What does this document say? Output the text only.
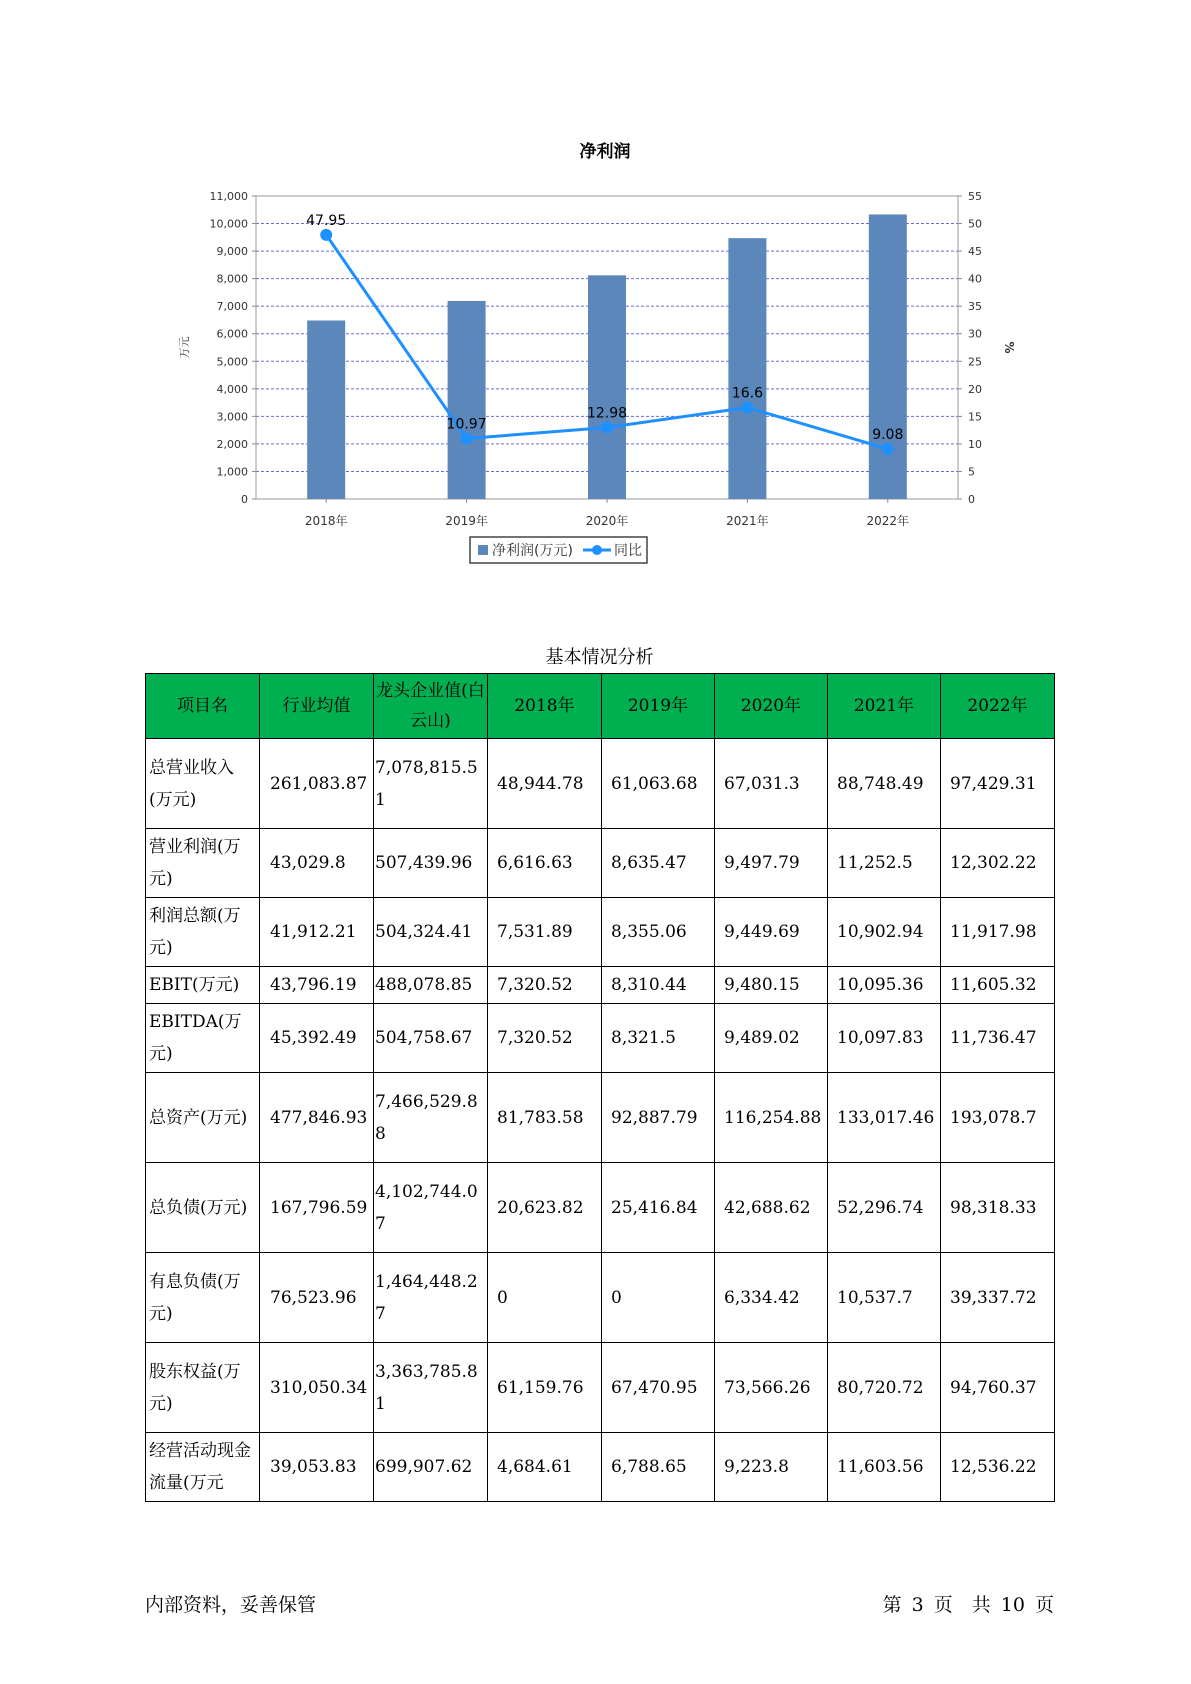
净利润
0
1,000
2,000
3,000
4,000
5,000
6,000
7,000
8,000
9,000
10,000
11,000
0
5
10
15
20
25
30
35
40
45
50
55
万元	%
2018年	2019年	2020年	2021年	2022年
47.95
10.97
12.98
16.6
9.08
净利润(万元)	同比
基本情况分析
项目名	行业均值	龙头企业值(白云山)	2018年	2019年	2020年	2021年	2022年
总营业收入(万元)	261,083.87	7,078,815.51	48,944.78	61,063.68	67,031.3	88,748.49	97,429.31
营业利润(万元)	43,029.8	507,439.96	6,616.63	8,635.47	9,497.79	11,252.5	12,302.22
利润总额(万元)	41,912.21	504,324.41	7,531.89	8,355.06	9,449.69	10,902.94	11,917.98
EBIT(万元)	43,796.19	488,078.85	7,320.52	8,310.44	9,480.15	10,095.36	11,605.32
EBITDA(万元)	45,392.49	504,758.67	7,320.52	8,321.5	9,489.02	10,097.83	11,736.47
总资产(万元)	477,846.93	7,466,529.88	81,783.58	92,887.79	116,254.88	133,017.46	193,078.7
总负债(万元)	167,796.59	4,102,744.07	20,623.82	25,416.84	42,688.62	52,296.74	98,318.33
有息负债(万元)	76,523.96	1,464,448.27	0	0	6,334.42	10,537.7	39,337.72
股东权益(万元)	310,050.34	3,363,785.81	61,159.76	67,470.95	73,566.26	80,720.72	94,760.37
经营活动现金流量(万元	39,053.83	699,907.62	4,684.61	6,788.65	9,223.8	11,603.56	12,536.22
内部资料，妥善保管	第 3 页　共 10 页
